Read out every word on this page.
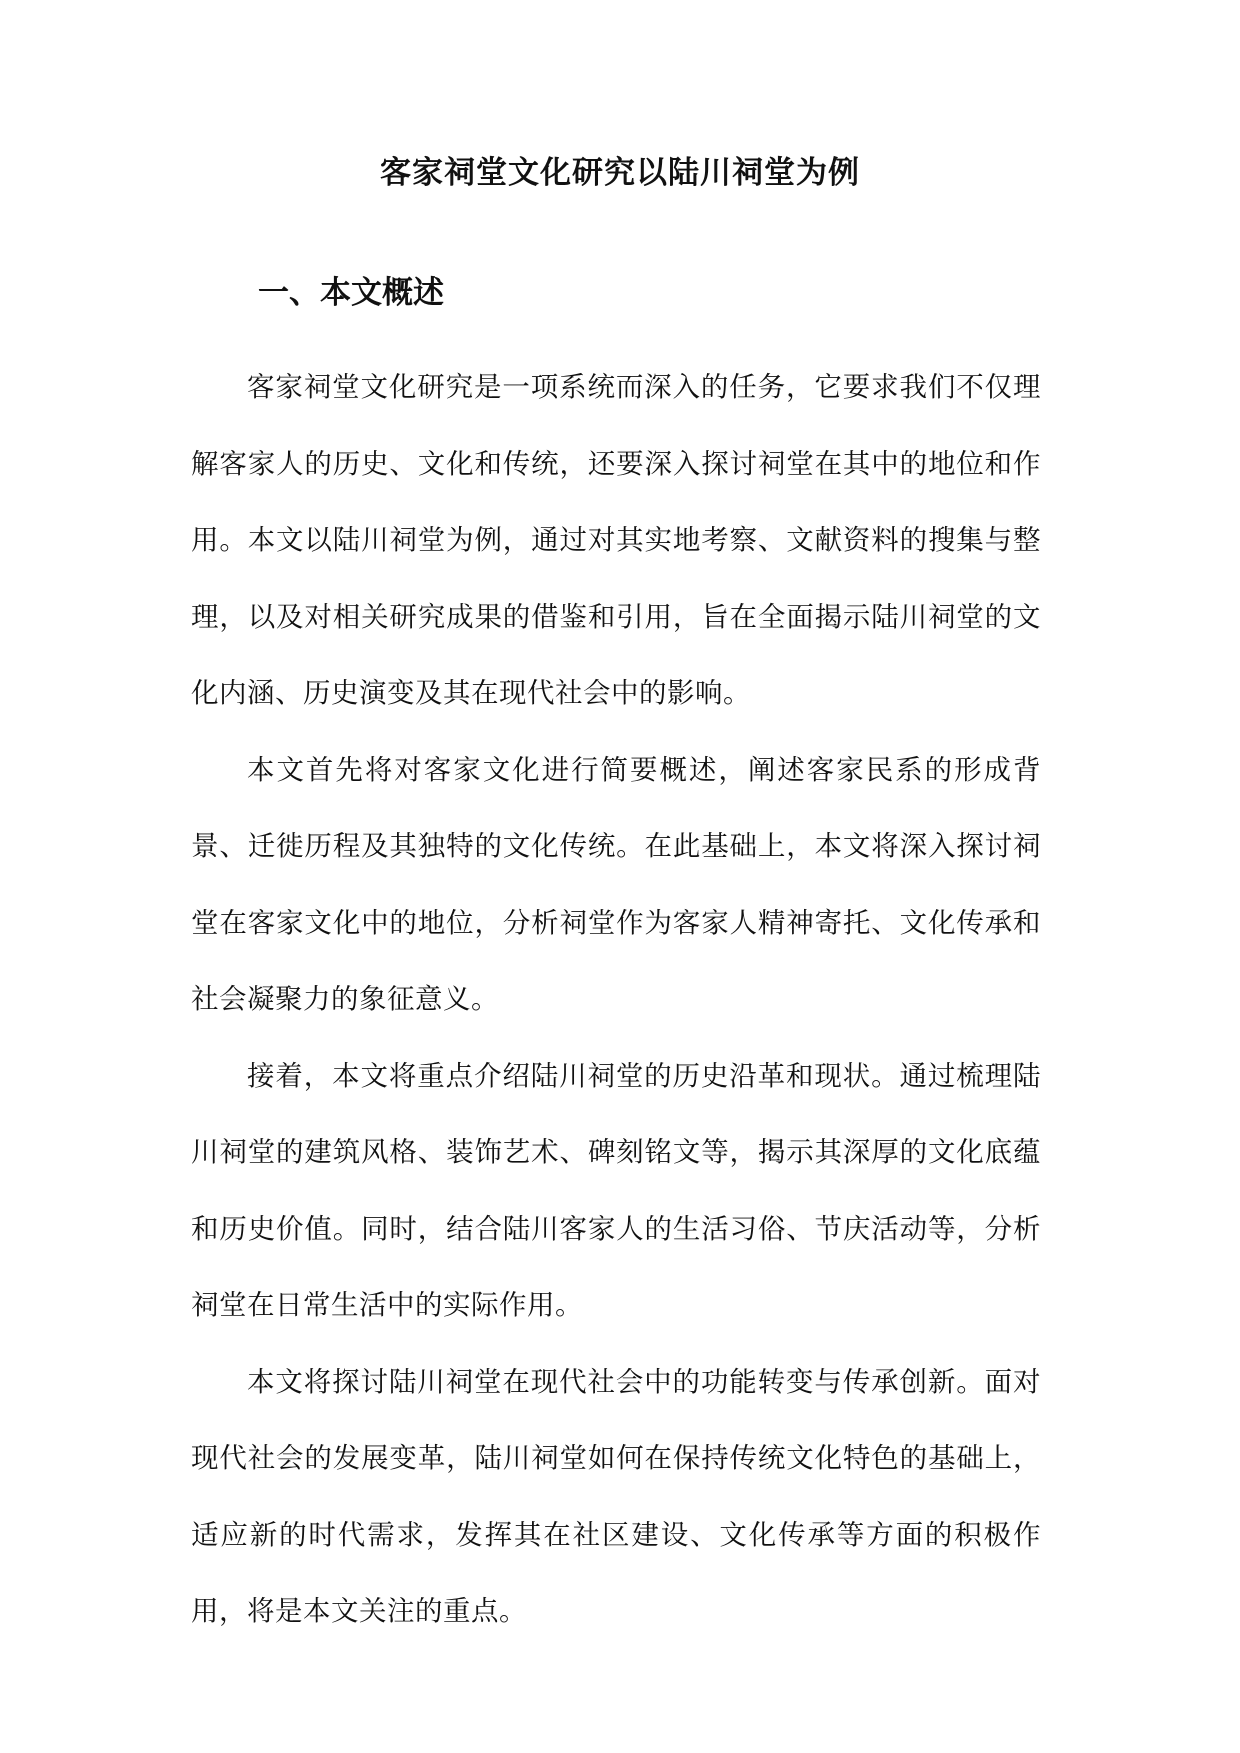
客家祠堂文化研究以陆川祠堂为例
一、本文概述

客家祠堂文化研究是一项系统而深入的任务，它要求我们不仅理解客家人的历史、文化和传统，还要深入探讨祠堂在其中的地位和作用。本文以陆川祠堂为例，通过对其实地考察、文献资料的搜集与整理，以及对相关研究成果的借鉴和引用，旨在全面揭示陆川祠堂的文化内涵、历史演变及其在现代社会中的影响。

本文首先将对客家文化进行简要概述，阐述客家民系的形成背景、迁徙历程及其独特的文化传统。在此基础上，本文将深入探讨祠堂在客家文化中的地位，分析祠堂作为客家人精神寄托、文化传承和社会凝聚力的象征意义。

接着，本文将重点介绍陆川祠堂的历史沿革和现状。通过梳理陆川祠堂的建筑风格、装饰艺术、碑刻铭文等，揭示其深厚的文化底蕴和历史价值。同时，结合陆川客家人的生活习俗、节庆活动等，分析祠堂在日常生活中的实际作用。

本文将探讨陆川祠堂在现代社会中的功能转变与传承创新。面对现代社会的发展变革，陆川祠堂如何在保持传统文化特色的基础上，适应新的时代需求，发挥其在社区建设、文化传承等方面的积极作用，将是本文关注的重点。
